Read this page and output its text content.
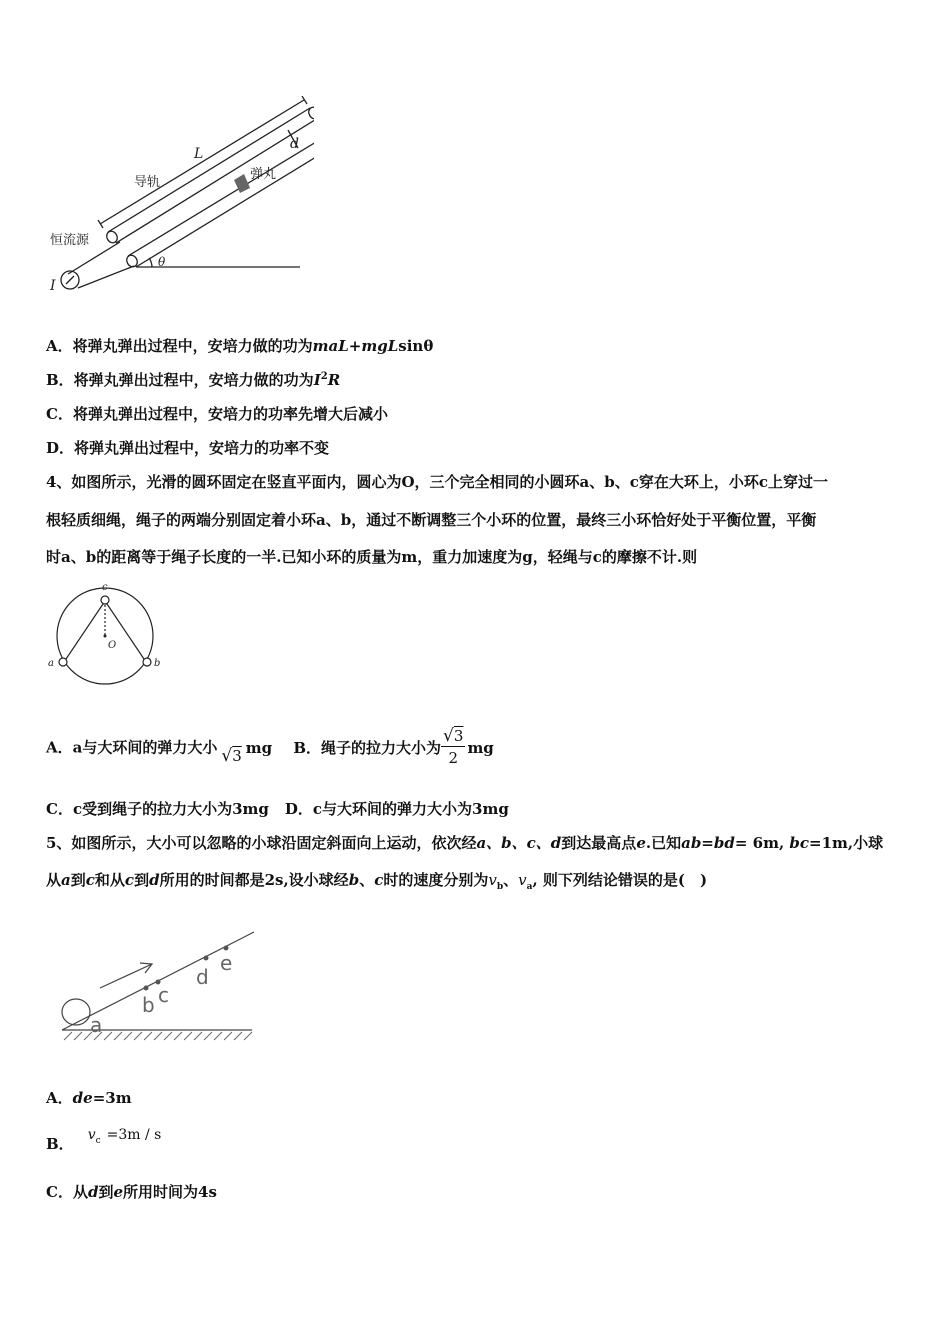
L
d
导轨
弹丸
恒流源
I
θ
A．将弹丸弹出过程中，安培力做的功为maL+mgLsinθ
B．将弹丸弹出过程中，安培力做的功为$I^2R$
C．将弹丸弹出过程中，安培力的功率先增大后减小
D．将弹丸弹出过程中，安培力的功率不变
4、如图所示，光滑的圆环固定在竖直平面内，圆心为O，三个完全相同的小圆环a、b、c穿在大环上，小环c上穿过一
根轻质细绳，绳子的两端分别固定着小环a、b，通过不断调整三个小环的位置，最终三小环恰好处于平衡位置，平衡
时a、b的距离等于绳子长度的一半.已知小环的质量为m，重力加速度为g，轻绳与c的摩擦不计.则
c
O
a	b
A．a与大环间的弹力大小 √3 mg B．绳子的拉力大小为 $\frac{√3}{2}$ mg
C．c受到绳子的拉力大小为3mg D．c与大环间的弹力大小为3mg
5、如图所示，大小可以忽略的小球沿固定斜面向上运动，依次经a、b、c、d到达最高点e.已知ab=bd= 6m, bc=1m,小球
从a到c和从c到d所用的时间都是2s,设小球经b、c时的速度分别为$v_b$、$v_a$, 则下列结论错误的是(　)
a
b c
d
e
A．de=3m
B． $v_c =3m / s$
C．从d到e所用时间为4s
